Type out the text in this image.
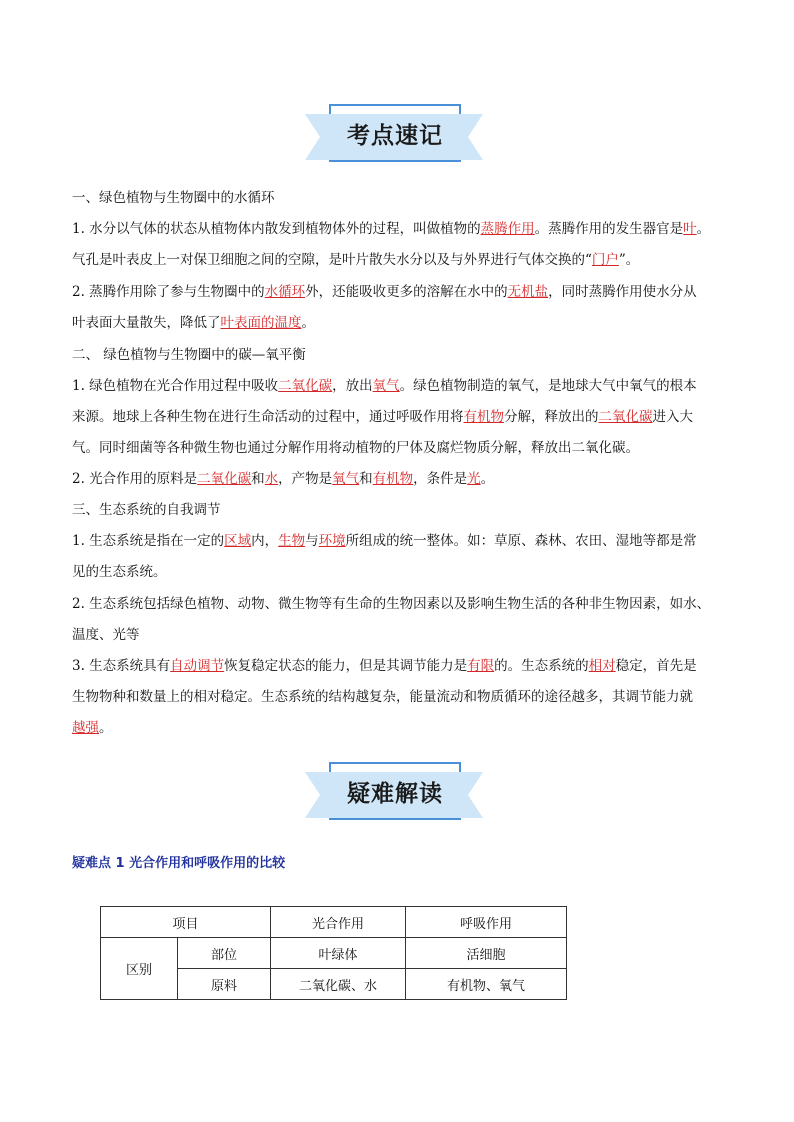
考点速记
一、绿色植物与生物圈中的水循环
1. 水分以气体的状态从植物体内散发到植物体外的过程，叫做植物的蒸腾作用。蒸腾作用的发生器官是叶。
气孔是叶表皮上一对保卫细胞之间的空隙，是叶片散失水分以及与外界进行气体交换的“门户”。
2. 蒸腾作用除了参与生物圈中的水循环外，还能吸收更多的溶解在水中的无机盐，同时蒸腾作用使水分从
叶表面大量散失，降低了叶表面的温度。
二、 绿色植物与生物圈中的碳—氧平衡
1. 绿色植物在光合作用过程中吸收二氧化碳，放出氧气。绿色植物制造的氧气，是地球大气中氧气的根本
来源。地球上各种生物在进行生命活动的过程中，通过呼吸作用将有机物分解，释放出的二氧化碳进入大
气。同时细菌等各种微生物也通过分解作用将动植物的尸体及腐烂物质分解，释放出二氧化碳。
2. 光合作用的原料是二氧化碳和水，产物是氧气和有机物，条件是光。
三、生态系统的自我调节
1. 生态系统是指在一定的区域内，生物与环境所组成的统一整体。如：草原、森林、农田、湿地等都是常
见的生态系统。
2. 生态系统包括绿色植物、动物、微生物等有生命的生物因素以及影响生物生活的各种非生物因素，如水、
温度、光等
3. 生态系统具有自动调节恢复稳定状态的能力，但是其调节能力是有限的。生态系统的相对稳定，首先是
生物物种和数量上的相对稳定。生态系统的结构越复杂，能量流动和物质循环的途径越多，其调节能力就
越强。
疑难解读
疑难点 1 光合作用和呼吸作用的比较
项目		光合作用	呼吸作用
区别	部位	叶绿体	活细胞
	原料	二氧化碳、水	有机物、氧气
